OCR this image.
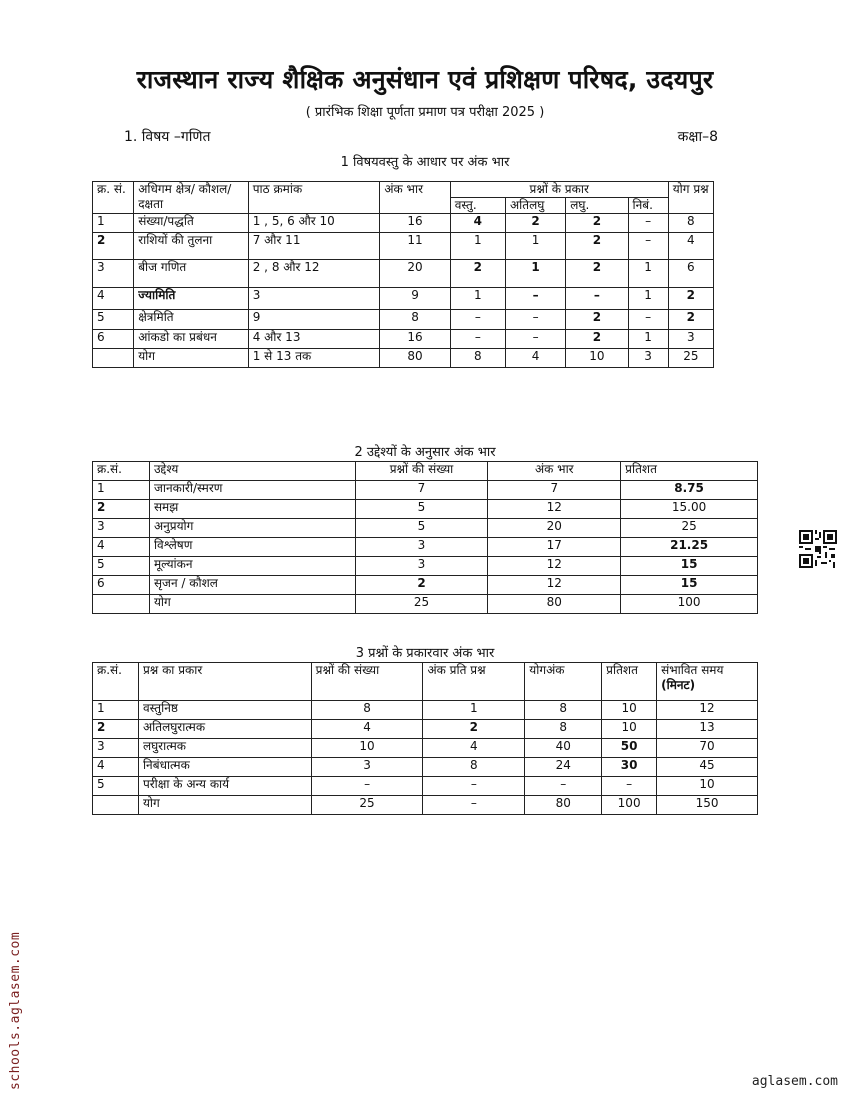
राजस्थान राज्य शैक्षिक अनुसंधान एवं प्रशिक्षण परिषद, उदयपुर
( प्रारंभिक शिक्षा पूर्णता प्रमाण पत्र परीक्षा 2025 )
1. विषय –गणित	कक्षा–8
1 विषयवस्तु के आधार पर अंक भार
क्र. सं.	अधिगम क्षेत्र/ कौशल/दक्षता	पाठ क्रमांक	अंक भार	प्रश्नों के प्रकार				योग प्रश्न
				वस्तु.	अतिलघु	लघु.	निबं.	
1	संख्या/पद्धति	1 , 5, 6 और 10	16	4	2	2	–	8
2	राशियों की तुलना	7 और 11	11	1	1	2	–	4
3	बीज गणित	2 , 8 और 12	20	2	1	2	1	6
4	ज्यामिति	3	9	1	–	–	1	2
5	क्षेत्रमिति	9	8	–	–	2	–	2
6	आंकडो का प्रबंधन	4 और 13	16	–	–	2	1	3
	योग	1 से 13 तक	80	8	4	10	3	25
2 उद्देश्यों के अनुसार अंक भार
क्र.सं.	उद्देश्य	प्रश्नों की संख्या	अंक भार	प्रतिशत
1	जानकारी/स्मरण	7	7	8.75
2	समझ	5	12	15.00
3	अनुप्रयोग	5	20	25
4	विश्लेषण	3	17	21.25
5	मूल्यांकन	3	12	15
6	सृजन / कौशल	2	12	15
	योग	25	80	100
3 प्रश्नों के प्रकारवार अंक भार
क्र.सं.	प्रश्न का प्रकार	प्रश्नों की संख्या	अंक प्रति प्रश्न	योगअंक	प्रतिशत	संभावित समय
(मिनट)

1	वस्तुनिष्ठ	8	1	8	10	12
2	अतिलघुरात्मक	4	2	8	10	13
3	लघुरात्मक	10	4	40	50	70
4	निबंधात्मक	3	8	24	30	45
5	परीक्षा के अन्य कार्य	–	–	–	–	10
	योग	25	–	80	100	150
schools.aglasem.com	aglasem.com
